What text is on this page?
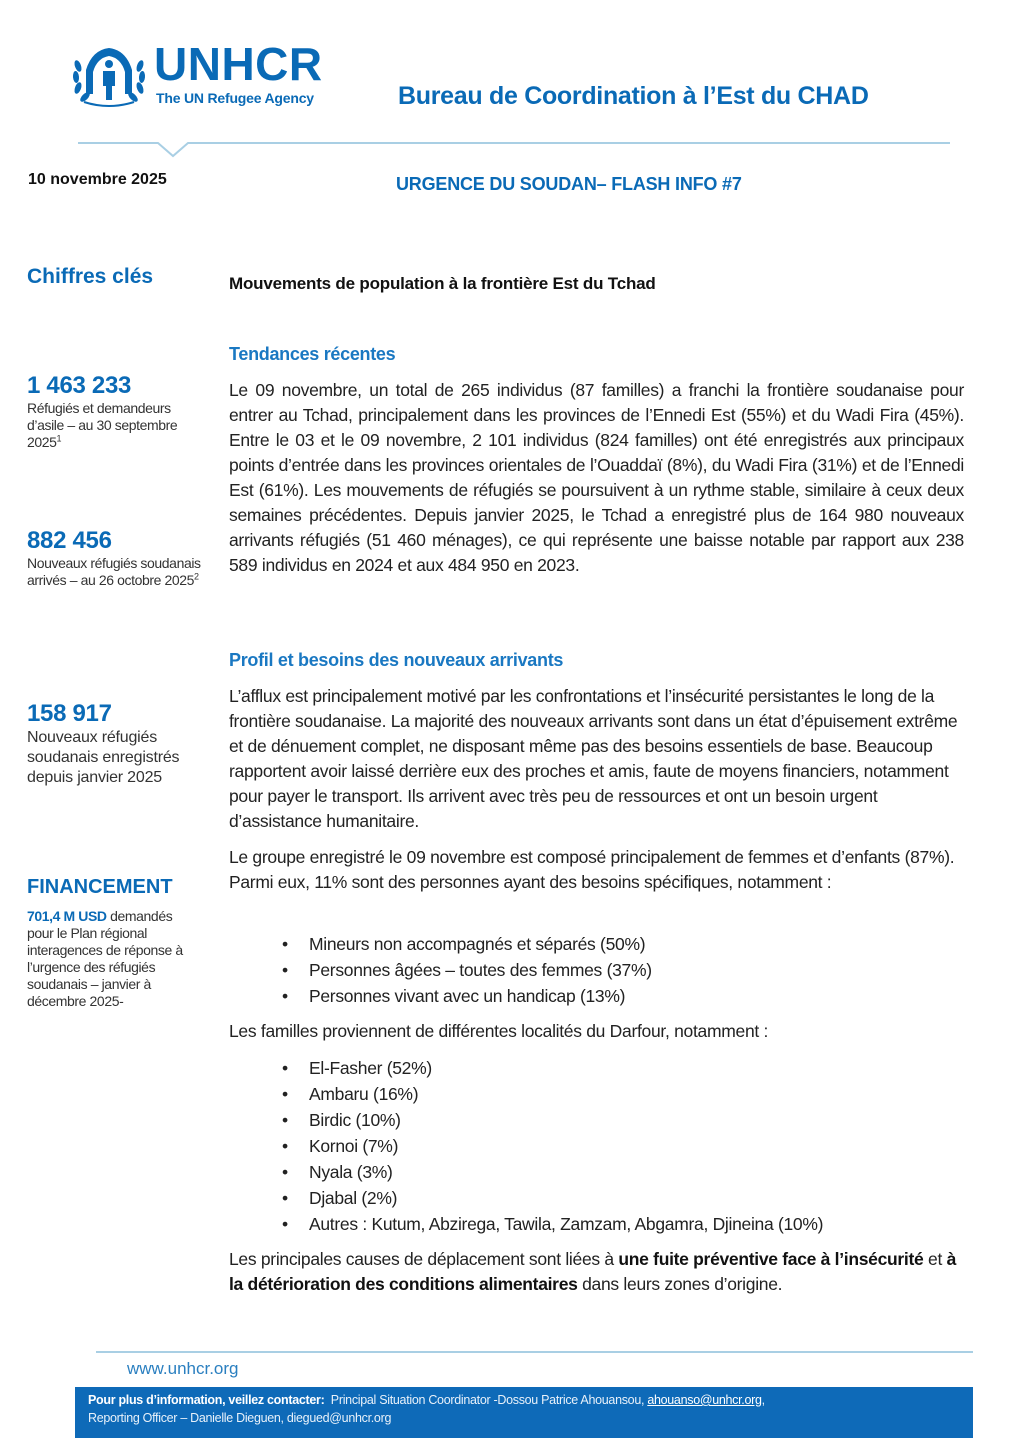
UNHCR
The UN Refugee Agency	Bureau de Coordination à l’Est du CHAD
10 novembre 2025	URGENCE DU SOUDAN– FLASH INFO #7
Chiffres clés
1 463 233
Réfugiés et demandeurs d’asile – au 30 septembre 2025$^1$
882 456
Nouveaux réfugiés soudanais arrivés – au 26 octobre 2025$^2$
158 917
Nouveaux réfugiés soudanais enregistrés depuis janvier 2025
FINANCEMENT
701,4 M USD demandés pour le Plan régional interagences de réponse à l’urgence des réfugiés soudanais – janvier à décembre 2025-
Mouvements de population à la frontière Est du Tchad
Tendances récentes

Le 09 novembre, un total de 265 individus (87 familles) a franchi la frontière soudanaise pour entrer au Tchad, principalement dans les provinces de l’Ennedi Est (55%) et du Wadi Fira (45%). Entre le 03 et le 09 novembre, 2 101 individus (824 familles) ont été enregistrés aux principaux points d’entrée dans les provinces orientales de l’Ouaddaï (8%), du Wadi Fira (31%) et de l’Ennedi Est (61%). Les mouvements de réfugiés se poursuivent à un rythme stable, similaire à ceux deux semaines précédentes. Depuis janvier 2025, le Tchad a enregistré plus de 164 980 nouveaux arrivants réfugiés (51 460 ménages), ce qui représente une baisse notable par rapport aux 238 589 individus en 2024 et aux 484 950 en 2023.

Profil et besoins des nouveaux arrivants

L’afflux est principalement motivé par les confrontations et l’insécurité persistantes le long de la frontière soudanaise. La majorité des nouveaux arrivants sont dans un état d’épuisement extrême et de dénuement complet, ne disposant même pas des besoins essentiels de base. Beaucoup rapportent avoir laissé derrière eux des proches et amis, faute de moyens financiers, notamment pour payer le transport. Ils arrivent avec très peu de ressources et ont un besoin urgent d’assistance humanitaire.

Le groupe enregistré le 09 novembre est composé principalement de femmes et d’enfants (87%). Parmi eux, 11% sont des personnes ayant des besoins spécifiques, notamment :

• Mineurs non accompagnés et séparés (50%)
• Personnes âgées – toutes des femmes (37%)
• Personnes vivant avec un handicap (13%)

Les familles proviennent de différentes localités du Darfour, notamment :

• El-Fasher (52%)
• Ambaru (16%)
• Birdic (10%)
• Kornoi (7%)
• Nyala (3%)
• Djabal (2%)
• Autres : Kutum, Abzirega, Tawila, Zamzam, Abgamra, Djineina (10%)

Les principales causes de déplacement sont liées à une fuite préventive face à l’insécurité et à la détérioration des conditions alimentaires dans leurs zones d’origine.

www.unhcr.org
Pour plus d’information, veillez contacter:  Principal Situation Coordinator -Dossou Patrice Ahouansou, ahouanso@unhcr.org,
Reporting Officer – Danielle Dieguen, diegued@unhcr.org
